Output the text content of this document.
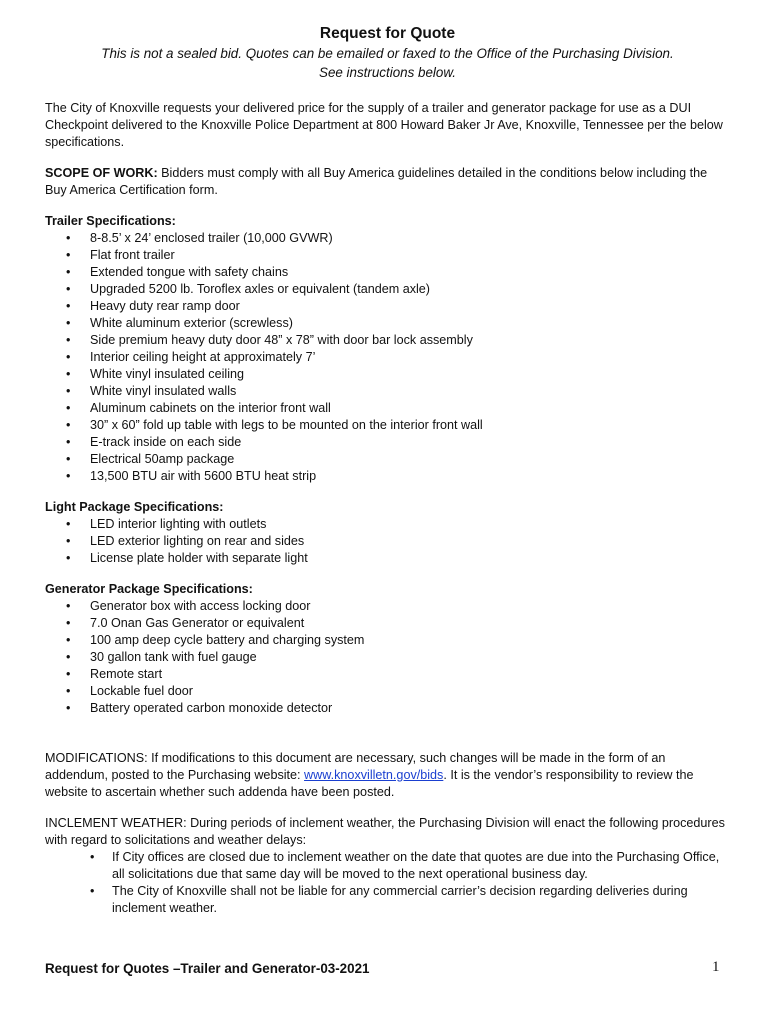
Request for Quote

This is not a sealed bid. Quotes can be emailed or faxed to the Office of the Purchasing Division.

See instructions below.

The City of Knoxville requests your delivered price for the supply of a trailer and generator package for use as a DUI Checkpoint delivered to the Knoxville Police Department at 800 Howard Baker Jr Ave, Knoxville, Tennessee per the below specifications.

SCOPE OF WORK: Bidders must comply with all Buy America guidelines detailed in the conditions below including the Buy America Certification form.

Trailer Specifications:
• 8-8.5’ x 24’ enclosed trailer (10,000 GVWR)
• Flat front trailer
• Extended tongue with safety chains
• Upgraded 5200 lb. Toroflex axles or equivalent (tandem axle)
• Heavy duty rear ramp door
• White aluminum exterior (screwless)
• Side premium heavy duty door 48” x 78” with door bar lock assembly
• Interior ceiling height at approximately 7’
• White vinyl insulated ceiling
• White vinyl insulated walls
• Aluminum cabinets on the interior front wall
• 30” x 60” fold up table with legs to be mounted on the interior front wall
• E-track inside on each side
• Electrical 50amp package
• 13,500 BTU air with 5600 BTU heat strip
Light Package Specifications:
• LED interior lighting with outlets
• LED exterior lighting on rear and sides
• License plate holder with separate light
Generator Package Specifications:
• Generator box with access locking door
• 7.0 Onan Gas Generator or equivalent
• 100 amp deep cycle battery and charging system
• 30 gallon tank with fuel gauge
• Remote start
• Lockable fuel door
• Battery operated carbon monoxide detector

MODIFICATIONS: If modifications to this document are necessary, such changes will be made in the form of an addendum, posted to the Purchasing website: www.knoxvilletn.gov/bids. It is the vendor’s responsibility to review the website to ascertain whether such addenda have been posted.

INCLEMENT WEATHER: During periods of inclement weather, the Purchasing Division will enact the following procedures with regard to solicitations and weather delays:

• If City offices are closed due to inclement weather on the date that quotes are due into the Purchasing Office, all solicitations due that same day will be moved to the next operational business day.
• The City of Knoxville shall not be liable for any commercial carrier’s decision regarding deliveries during inclement weather.
Request for Quotes –Trailer and Generator-03-2021	1
